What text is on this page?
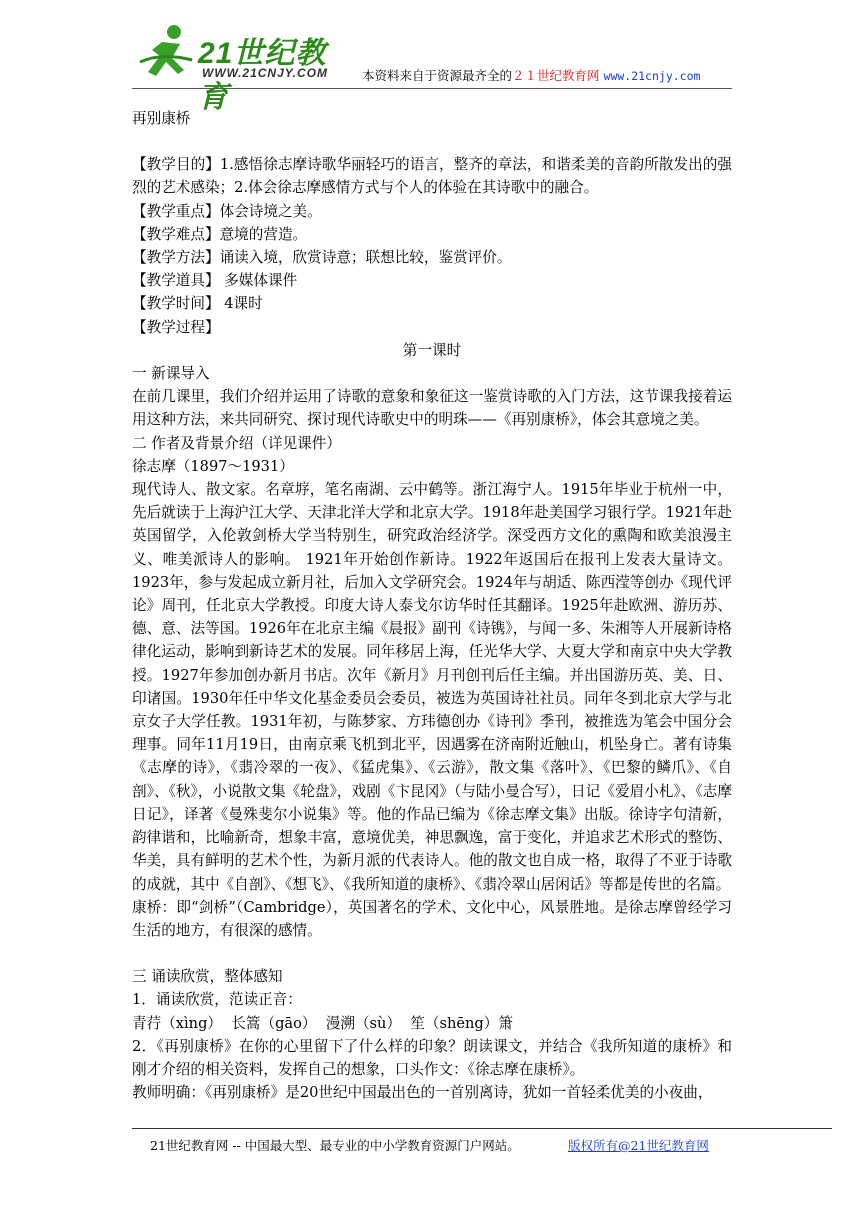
21世纪教育
WWW.21CNJY.COM	本资料来自于资源最齐全的２１世纪教育网 www.21cnjy.com

再别康桥

【教学目的】1.感悟徐志摩诗歌华丽轻巧的语言，整齐的章法，和谐柔美的音韵所散发出的强烈的艺术感染；2.体会徐志摩感情方式与个人的体验在其诗歌中的融合。

【教学重点】体会诗境之美。

【教学难点】意境的营造。

【教学方法】诵读入境，欣赏诗意；联想比较，鉴赏评价。

【教学道具】 多媒体课件

【教学时间】 4课时

【教学过程】

第一课时

一 新课导入

在前几课里，我们介绍并运用了诗歌的意象和象征这一鉴赏诗歌的入门方法，这节课我接着运用这种方法，来共同研究、探讨现代诗歌史中的明珠——《再别康桥》，体会其意境之美。

二 作者及背景介绍（详见课件）

徐志摩（1897～1931）

现代诗人、散文家。名章垿，笔名南湖、云中鹤等。浙江海宁人。1915年毕业于杭州一中，先后就读于上海沪江大学、天津北洋大学和北京大学。1918年赴美国学习银行学。1921年赴英国留学，入伦敦剑桥大学当特别生，研究政治经济学。深受西方文化的熏陶和欧美浪漫主义、唯美派诗人的影响。 1921年开始创作新诗。1922年返国后在报刊上发表大量诗文。1923年，参与发起成立新月社，后加入文学研究会。1924年与胡适、陈西滢等创办《现代评论》周刊，任北京大学教授。印度大诗人泰戈尔访华时任其翻译。1925年赴欧洲、游历苏、德、意、法等国。1926年在北京主编《晨报》副刊《诗镌》，与闻一多、朱湘等人开展新诗格律化运动，影响到新诗艺术的发展。同年移居上海，任光华大学、大夏大学和南京中央大学教授。1927年参加创办新月书店。次年《新月》月刊创刊后任主编。并出国游历英、美、日、印诸国。1930年任中华文化基金委员会委员，被选为英国诗社社员。同年冬到北京大学与北京女子大学任教。1931年初，与陈梦家、方玮德创办《诗刊》季刊，被推选为笔会中国分会理事。同年11月19日，由南京乘飞机到北平，因遇雾在济南附近触山，机坠身亡。著有诗集《志摩的诗》，《翡冷翠的一夜》、《猛虎集》、《云游》，散文集《落叶》、《巴黎的鳞爪》、《自剖》、《秋》，小说散文集《轮盘》，戏剧《卞昆冈》（与陆小曼合写），日记《爱眉小札》、《志摩日记》，译著《曼殊斐尔小说集》等。他的作品已编为《徐志摩文集》出版。徐诗字句清新，韵律谐和，比喻新奇，想象丰富，意境优美，神思飘逸，富于变化，并追求艺术形式的整饬、华美，具有鲜明的艺术个性，为新月派的代表诗人。他的散文也自成一格，取得了不亚于诗歌的成就，其中《自剖》、《想飞》、《我所知道的康桥》、《翡冷翠山居闲话》等都是传世的名篇。

康桥：即“剑桥”（Cambridge），英国著名的学术、文化中心，风景胜地。是徐志摩曾经学习生活的地方，有很深的感情。

三 诵读欣赏，整体感知

1．诵读欣赏，范读正音：

青荇（xìng）  长篙（gāo）  漫溯（sù）  笙（shēng）箫

2．《再别康桥》在你的心里留下了什么样的印象？朗读课文，并结合《我所知道的康桥》和刚才介绍的相关资料，发挥自己的想象，口头作文：《徐志摩在康桥》。

教师明确：《再别康桥》是20世纪中国最出色的一首别离诗，犹如一首轻柔优美的小夜曲，

21世纪教育网 -- 中国最大型、最专业的中小学教育资源门户网站。	版权所有@21世纪教育网
